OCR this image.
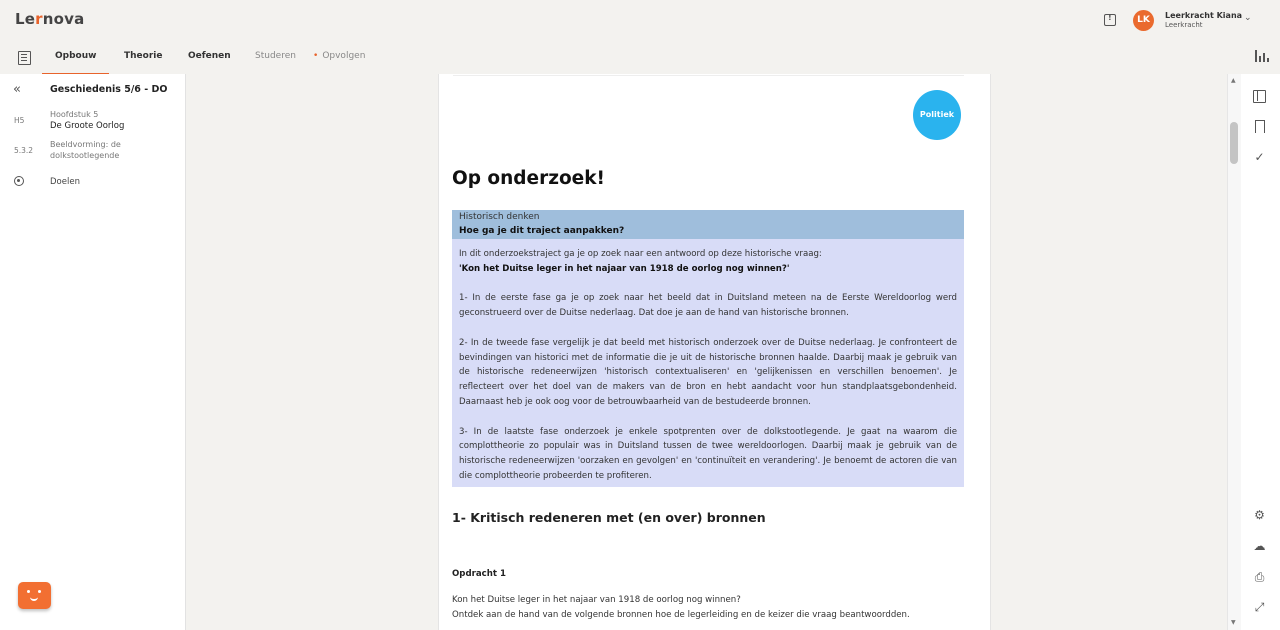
Lernova
!	LK	Leerkracht Kiana
Leerkracht
⌄
Opbouw	Theorie	Oefenen	Studeren • Opvolgen
«	Geschiedenis 5/6 - DO
H5
Hoofdstuk 5
De Groote Oorlog
5.3.2
Beeldvorming: de dolkstootlegende
Doelen
Politiek
Op onderzoek!
Historisch denken
Hoe ga je dit traject aanpakken?

In dit onderzoekstraject ga je op zoek naar een antwoord op deze historische vraag:
'Kon het Duitse leger in het najaar van 1918 de oorlog nog winnen?'

1- In de eerste fase ga je op zoek naar het beeld dat in Duitsland meteen na de Eerste Wereldoorlog werd geconstrueerd over de Duitse nederlaag. Dat doe je aan de hand van historische bronnen.

2- In de tweede fase vergelijk je dat beeld met historisch onderzoek over de Duitse nederlaag. Je confronteert de bevindingen van historici met de informatie die je uit de historische bronnen haalde. Daarbij maak je gebruik van de historische redeneerwijzen 'historisch contextualiseren' en 'gelijkenissen en verschillen benoemen'. Je reflecteert over het doel van de makers van de bron en hebt aandacht voor hun standplaatsgebondenheid. Daarnaast heb je ook oog voor de betrouwbaarheid van de bestudeerde bronnen.

3- In de laatste fase onderzoek je enkele spotprenten over de dolkstootlegende. Je gaat na waarom die complottheorie zo populair was in Duitsland tussen de twee wereldoorlogen. Daarbij maak je gebruik van de historische redeneerwijzen 'oorzaken en gevolgen' en 'continuïteit en verandering'. Je benoemt de actoren die van die complottheorie probeerden te profiteren.

1- Kritisch redeneren met (en over) bronnen
Opdracht 1
Kon het Duitse leger in het najaar van 1918 de oorlog nog winnen?
Ontdek aan de hand van de volgende bronnen hoe de legerleiding en de keizer die vraag beantwoordden.
▲
▼
✓
⚙
☁
⎙
⤢
